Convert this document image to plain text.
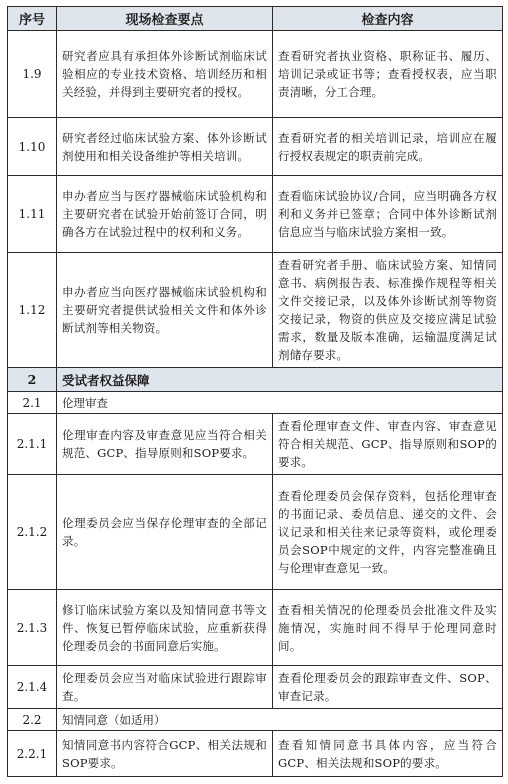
序号	现场检查要点	检查内容
1.9	研究者应具有承担体外诊断试剂临床试验相应的专业技术资格、培训经历和相关经验，并得到主要研究者的授权。	查看研究者执业资格、职称证书、履历、培训记录或证书等；查看授权表，应当职责清晰，分工合理。
1.10	研究者经过临床试验方案、体外诊断试剂使用和相关设备维护等相关培训。	查看研究者的相关培训记录，培训应在履行授权表规定的职责前完成。
1.11	申办者应当与医疗器械临床试验机构和主要研究者在试验开始前签订合同，明确各方在试验过程中的权利和义务。	查看临床试验协议/合同，应当明确各方权利和义务并已签章；合同中体外诊断试剂信息应当与临床试验方案相一致。
1.12	申办者应当向医疗器械临床试验机构和主要研究者提供试验相关文件和体外诊断试剂等相关物资。	查看研究者手册、临床试验方案、知情同意书、病例报告表、标准操作规程等相关文件交接记录，以及体外诊断试剂等物资交接记录，物资的供应及交接应满足试验需求，数量及版本准确，运输温度满足试剂储存要求。
2	受试者权益保障	
2.1	伦理审查	
2.1.1	伦理审查内容及审查意见应当符合相关规范、GCP、指导原则和SOP要求。	查看伦理审查文件、审查内容、审查意见符合相关规范、GCP、指导原则和SOP的要求。
2.1.2	伦理委员会应当保存伦理审查的全部记录。	查看伦理委员会保存资料，包括伦理审查的书面记录、委员信息、递交的文件、会议记录和相关往来记录等资料，或伦理委员会SOP中规定的文件，内容完整准确且与伦理审查意见一致。
2.1.3	修订临床试验方案以及知情同意书等文件、恢复已暂停临床试验，应重新获得伦理委员会的书面同意后实施。	查看相关情况的伦理委员会批准文件及实施情况，实施时间不得早于伦理同意时间。
2.1.4	伦理委员会应当对临床试验进行跟踪审查。	查看伦理委员会的跟踪审查文件、SOP、审查记录。
2.2	知情同意（如适用）	
2.2.1	知情同意书内容符合GCP、相关法规和SOP要求。	查看知情同意书具体内容，应当符合GCP、相关法规和SOP的要求。
